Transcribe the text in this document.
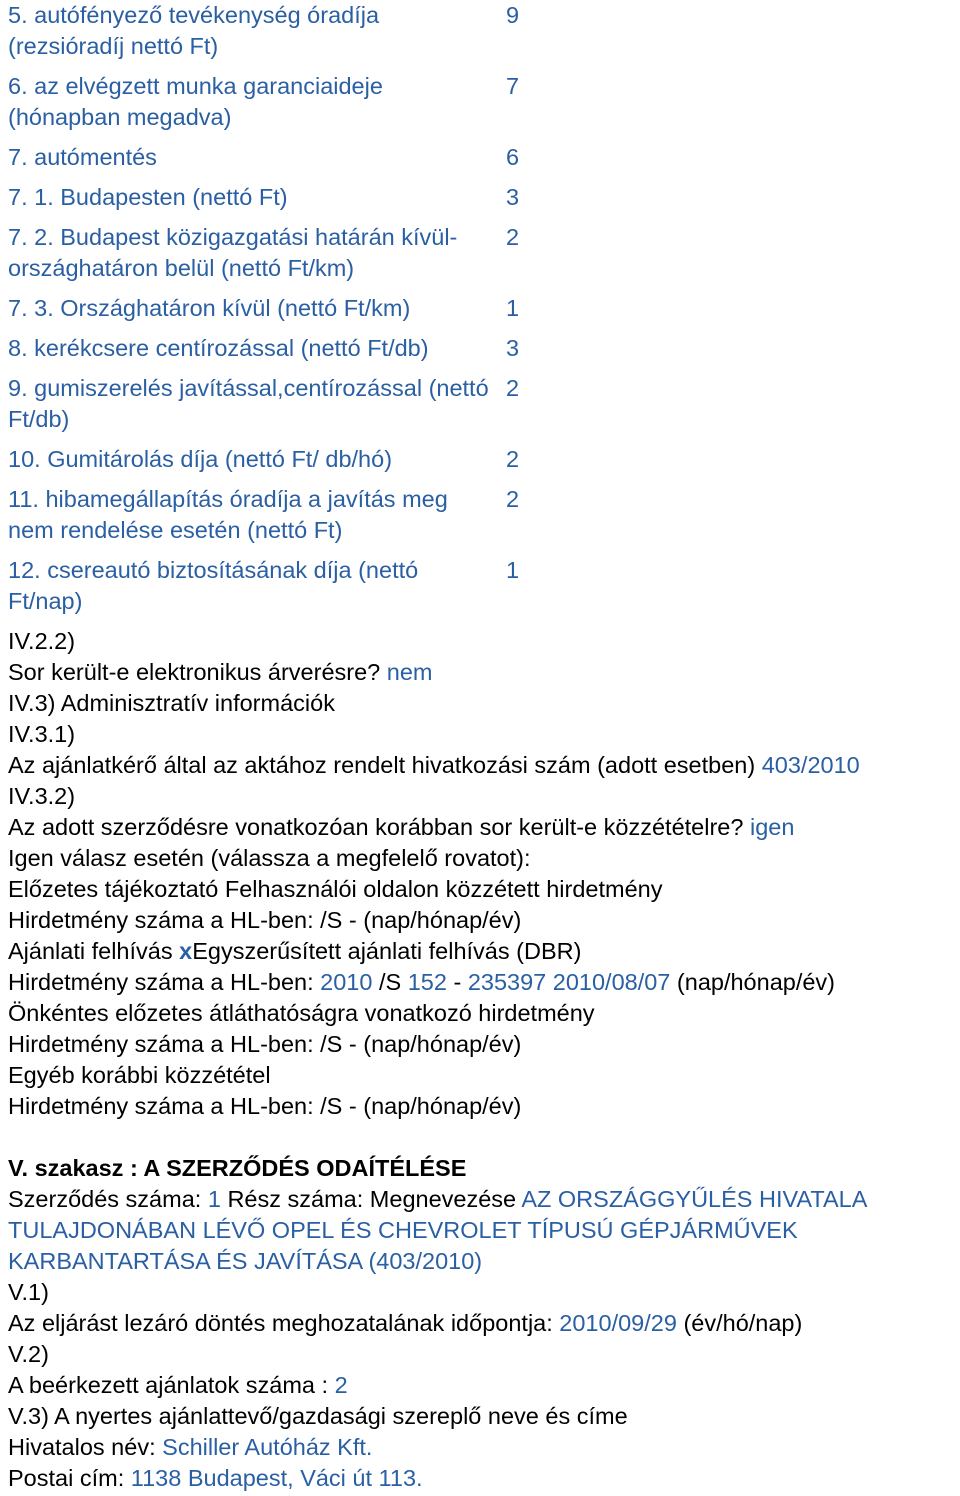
5. autófényező tevékenység óradíja (rezsióradíj nettó Ft)	9
6. az elvégzett munka garanciaideje (hónapban megadva)	7
7. autómentés	6
7. 1. Budapesten (nettó Ft)	3
7. 2. Budapest közigazgatási határán kívül-országhatáron belül (nettó Ft/km)	2
7. 3. Országhatáron kívül (nettó Ft/km)	1
8. kerékcsere centírozással (nettó Ft/db)	3
9. gumiszerelés javítással,centírozással (nettó Ft/db)	2
10. Gumitárolás díja (nettó Ft/ db/hó)	2
11. hibamegállapítás óradíja a javítás meg nem rendelése esetén (nettó Ft)	2
12. csereautó biztosításának díja (nettó Ft/nap)	1
IV.2.2)
Sor került-e elektronikus árverésre? nem
IV.3) Adminisztratív információk
IV.3.1)
Az ajánlatkérő által az aktához rendelt hivatkozási szám (adott esetben) 403/2010
IV.3.2)
Az adott szerződésre vonatkozóan korábban sor került-e közzétételre? igen
Igen válasz esetén (válassza a megfelelő rovatot):
Előzetes tájékoztató Felhasználói oldalon közzétett hirdetmény
Hirdetmény száma a HL-ben: /S - (nap/hónap/év)
Ajánlati felhívás xEgyszerűsített ajánlati felhívás (DBR)
Hirdetmény száma a HL-ben: 2010 /S 152 - 235397 2010/08/07 (nap/hónap/év)
Önkéntes előzetes átláthatóságra vonatkozó hirdetmény
Hirdetmény száma a HL-ben: /S - (nap/hónap/év)
Egyéb korábbi közzététel
Hirdetmény száma a HL-ben: /S - (nap/hónap/év)
V. szakasz : A SZERZŐDÉS ODAÍTÉLÉSE
Szerződés száma: 1 Rész száma: Megnevezése AZ ORSZÁGGYŰLÉS HIVATALA
TULAJDONÁBAN LÉVŐ OPEL ÉS CHEVROLET TÍPUSÚ GÉPJÁRMŰVEK
KARBANTARTÁSA ÉS JAVÍTÁSA (403/2010)
V.1)
Az eljárást lezáró döntés meghozatalának időpontja: 2010/09/29 (év/hó/nap)
V.2)
A beérkezett ajánlatok száma : 2
V.3) A nyertes ajánlattevő/gazdasági szereplő neve és címe
Hivatalos név: Schiller Autóház Kft.
Postai cím: 1138 Budapest, Váci út 113.
